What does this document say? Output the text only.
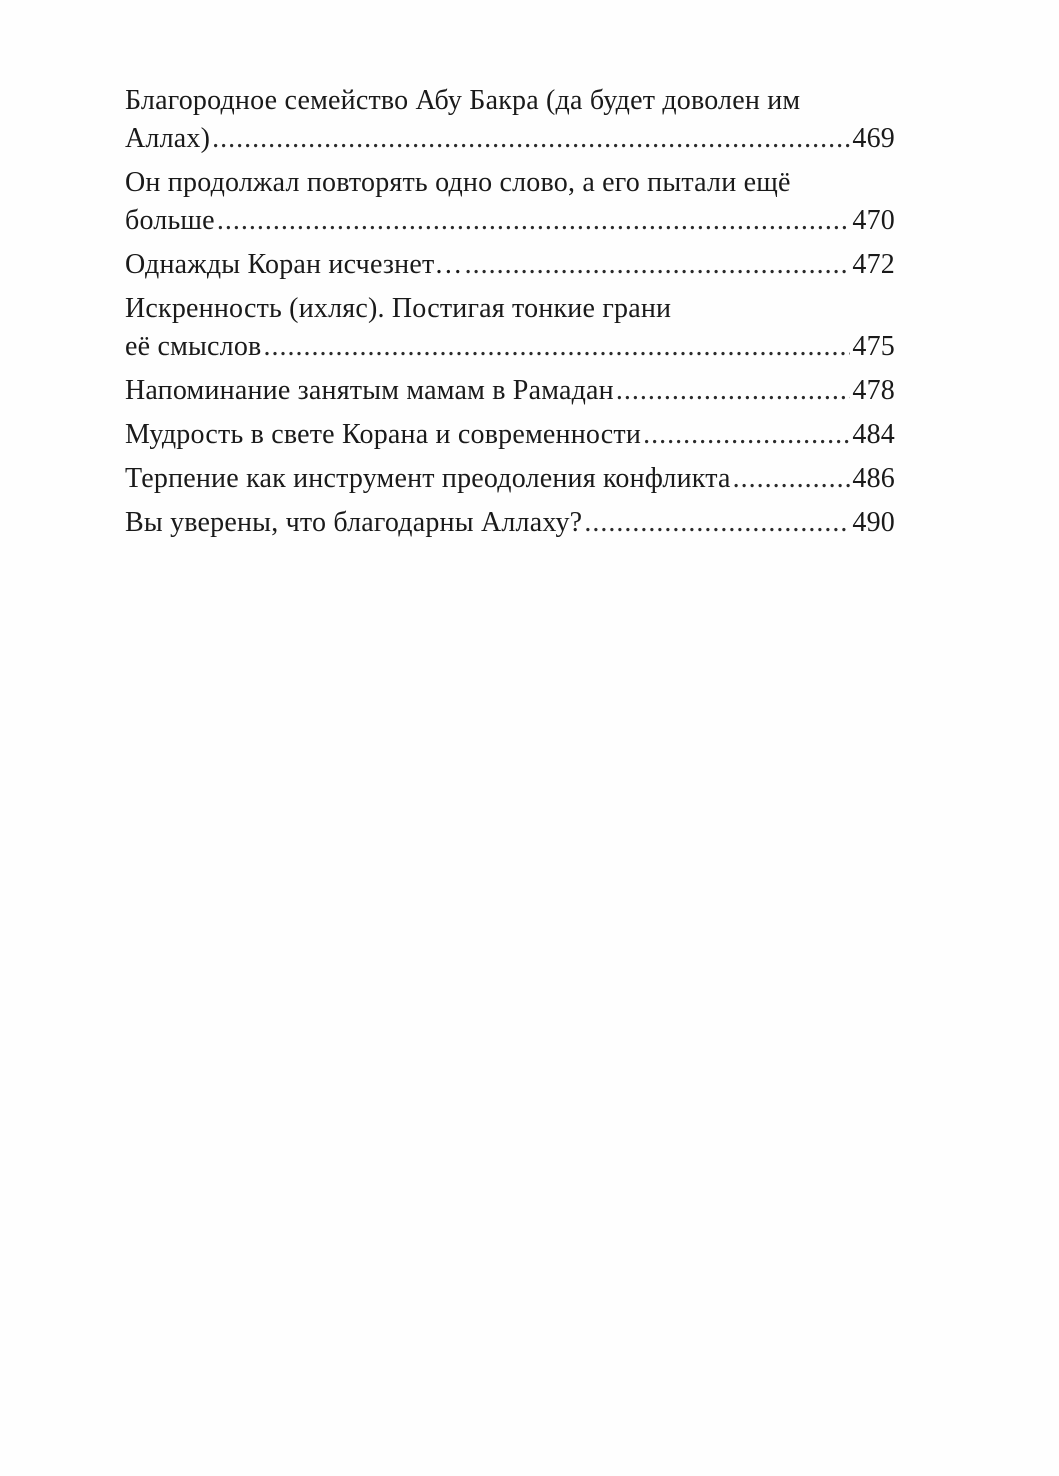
Благородное семейство Абу Бакра (да будет доволен им
Аллах) .....	469
Он продолжал повторять одно слово, а его пытали ещё
больше .....	470
Однажды Коран исчезнет… .....	472
Искренность (ихляс). Постигая тонкие грани
её смыслов .....	475
Напоминание занятым мамам в Рамадан .....	478
Мудрость в свете Корана и современности .....	484
Терпение как инструмент преодоления конфликта .....	486
Вы уверены, что благодарны Аллаху? .....	490
